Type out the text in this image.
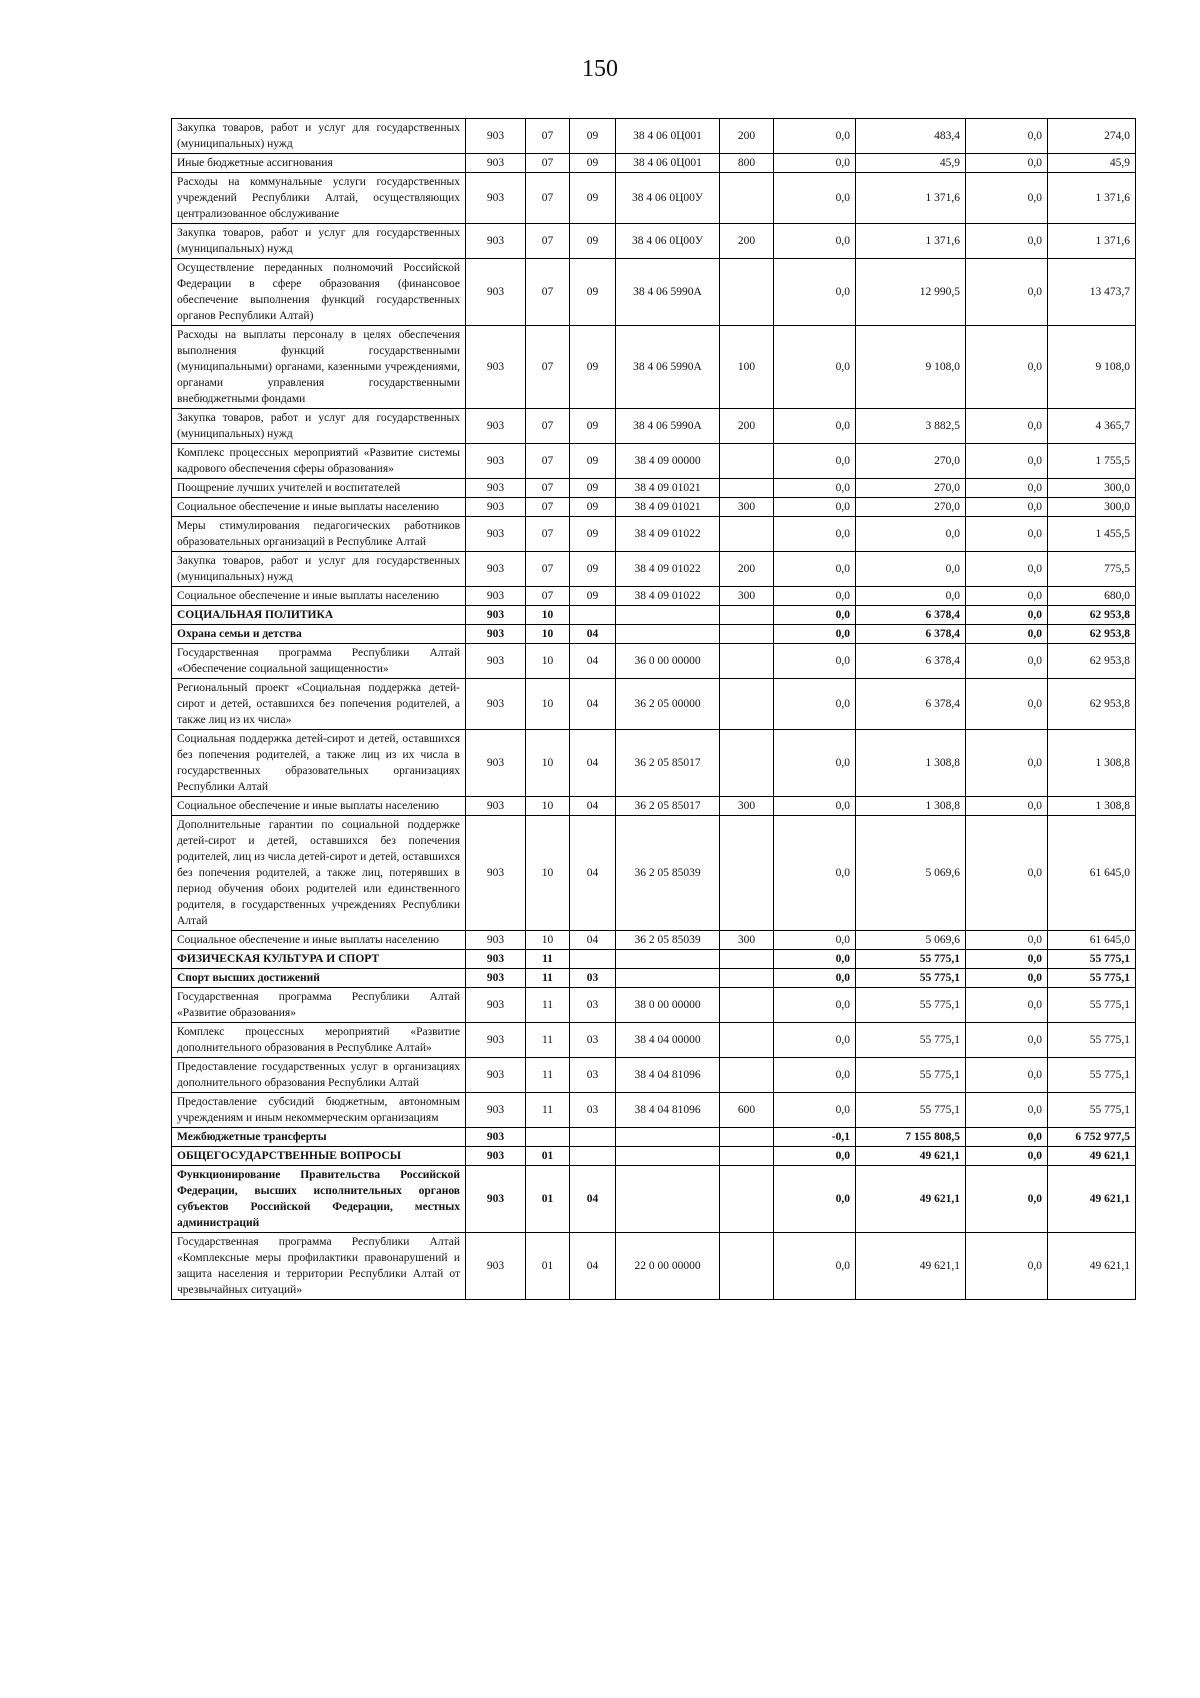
150
Закупка товаров, работ и услуг для государственных (муниципальных) нужд	903	07	09	38 4 06 0Ц001	200	0,0	483,4	0,0	274,0
Иные бюджетные ассигнования	903	07	09	38 4 06 0Ц001	800	0,0	45,9	0,0	45,9
Расходы на коммунальные услуги государственных учреждений Республики Алтай, осуществляющих централизованное обслуживание	903	07	09	38 4 06 0Ц00У		0,0	1 371,6	0,0	1 371,6
Закупка товаров, работ и услуг для государственных (муниципальных) нужд	903	07	09	38 4 06 0Ц00У	200	0,0	1 371,6	0,0	1 371,6
Осуществление переданных полномочий Российской Федерации в сфере образования (финансовое обеспечение выполнения функций государственных органов Республики Алтай)	903	07	09	38 4 06 5990А		0,0	12 990,5	0,0	13 473,7
Расходы на выплаты персоналу в целях обеспечения выполнения функций государственными (муниципальными) органами, казенными учреждениями, органами управления государственными внебюджетными фондами	903	07	09	38 4 06 5990А	100	0,0	9 108,0	0,0	9 108,0
Закупка товаров, работ и услуг для государственных (муниципальных) нужд	903	07	09	38 4 06 5990А	200	0,0	3 882,5	0,0	4 365,7
Комплекс процессных мероприятий «Развитие системы кадрового обеспечения сферы образования»	903	07	09	38 4 09 00000		0,0	270,0	0,0	1 755,5
Поощрение лучших учителей и воспитателей	903	07	09	38 4 09 01021		0,0	270,0	0,0	300,0
Социальное обеспечение и иные выплаты населению	903	07	09	38 4 09 01021	300	0,0	270,0	0,0	300,0
Меры стимулирования педагогических работников образовательных организаций в Республике Алтай	903	07	09	38 4 09 01022		0,0	0,0	0,0	1 455,5
Закупка товаров, работ и услуг для государственных (муниципальных) нужд	903	07	09	38 4 09 01022	200	0,0	0,0	0,0	775,5
Социальное обеспечение и иные выплаты населению	903	07	09	38 4 09 01022	300	0,0	0,0	0,0	680,0
СОЦИАЛЬНАЯ ПОЛИТИКА	903	10				0,0	6 378,4	0,0	62 953,8
Охрана семьи и детства	903	10	04			0,0	6 378,4	0,0	62 953,8
Государственная программа Республики Алтай «Обеспечение социальной защищенности»	903	10	04	36 0 00 00000		0,0	6 378,4	0,0	62 953,8
Региональный проект «Социальная поддержка детей-сирот и детей, оставшихся без попечения родителей, а также лиц из их числа»	903	10	04	36 2 05 00000		0,0	6 378,4	0,0	62 953,8
Социальная поддержка детей-сирот и детей, оставшихся без попечения родителей, а также лиц из их числа в государственных образовательных организациях Республики Алтай	903	10	04	36 2 05 85017		0,0	1 308,8	0,0	1 308,8
Социальное обеспечение и иные выплаты населению	903	10	04	36 2 05 85017	300	0,0	1 308,8	0,0	1 308,8
Дополнительные гарантии по социальной поддержке детей-сирот и детей, оставшихся без попечения родителей, лиц из числа детей-сирот и детей, оставшихся без попечения родителей, а также лиц, потерявших в период обучения обоих родителей или единственного родителя, в государственных учреждениях Республики Алтай	903	10	04	36 2 05 85039		0,0	5 069,6	0,0	61 645,0
Социальное обеспечение и иные выплаты населению	903	10	04	36 2 05 85039	300	0,0	5 069,6	0,0	61 645,0
ФИЗИЧЕСКАЯ КУЛЬТУРА И СПОРТ	903	11				0,0	55 775,1	0,0	55 775,1
Спорт высших достижений	903	11	03			0,0	55 775,1	0,0	55 775,1
Государственная программа Республики Алтай «Развитие образования»	903	11	03	38 0 00 00000		0,0	55 775,1	0,0	55 775,1
Комплекс процессных мероприятий «Развитие дополнительного образования в Республике Алтай»	903	11	03	38 4 04 00000		0,0	55 775,1	0,0	55 775,1
Предоставление государственных услуг в организациях дополнительного образования Республики Алтай	903	11	03	38 4 04 81096		0,0	55 775,1	0,0	55 775,1
Предоставление субсидий бюджетным, автономным учреждениям и иным некоммерческим организациям	903	11	03	38 4 04 81096	600	0,0	55 775,1	0,0	55 775,1
Межбюджетные трансферты	903					-0,1	7 155 808,5	0,0	6 752 977,5
ОБЩЕГОСУДАРСТВЕННЫЕ ВОПРОСЫ	903	01				0,0	49 621,1	0,0	49 621,1
Функционирование Правительства Российской Федерации, высших исполнительных органов субъектов Российской Федерации, местных администраций	903	01	04			0,0	49 621,1	0,0	49 621,1
Государственная программа Республики Алтай «Комплексные меры профилактики правонарушений и защита населения и территории Республики Алтай от чрезвычайных ситуаций»	903	01	04	22 0 00 00000		0,0	49 621,1	0,0	49 621,1
